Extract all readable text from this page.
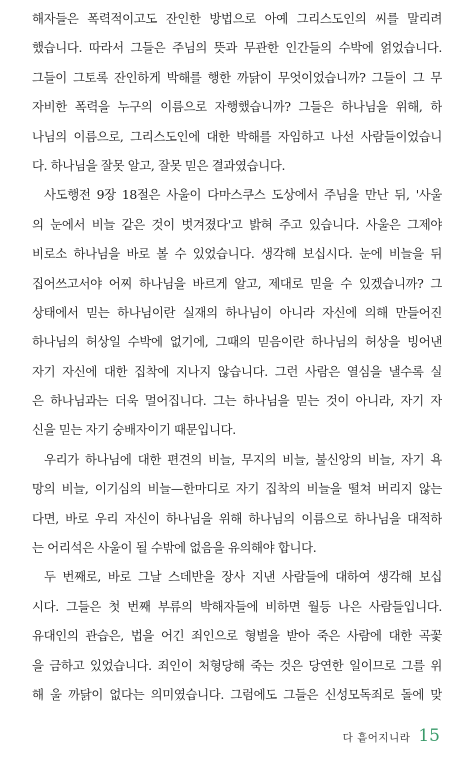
해자들은 폭력적이고도 잔인한 방법으로 아예 그리스도인의 씨를 말리려
했습니다. 따라서 그들은 주님의 뜻과 무관한 인간들의 수박에 얽었습니다.
그들이 그토록 잔인하게 박해를 행한 까닭이 무엇이었습니까? 그들이 그 무
자비한 폭력을 누구의 이름으로 자행했습니까? 그들은 하나님을 위해, 하
나님의 이름으로, 그리스도인에 대한 박해를 자임하고 나선 사람들이었습니
다. 하나님을 잘못 알고, 잘못 믿은 결과였습니다.
사도행전 9장 18절은 사울이 다마스쿠스 도상에서 주님을 만난 뒤, '사울
의 눈에서 비늘 같은 것이 벗겨졌다'고 밝혀 주고 있습니다. 사울은 그제야
비로소 하나님을 바로 볼 수 있었습니다. 생각해 보십시다. 눈에 비늘을 뒤
집어쓰고서야 어찌 하나님을 바르게 알고, 제대로 믿을 수 있겠습니까? 그
상태에서 믿는 하나님이란 실재의 하나님이 아니라 자신에 의해 만들어진
하나님의 허상일 수박에 없기에, 그때의 믿음이란 하나님의 허상을 빙어낸
자기 자신에 대한 집착에 지나지 않습니다. 그런 사람은 열심을 낼수록 실
은 하나님과는 더욱 멀어집니다. 그는 하나님을 믿는 것이 아니라, 자기 자
신을 믿는 자기 숭배자이기 때문입니다.
우리가 하나님에 대한 편견의 비늘, 무지의 비늘, 불신앙의 비늘, 자기 욕
망의 비늘, 이기심의 비늘—한마디로 자기 집착의 비늘을 떨쳐 버리지 않는
다면, 바로 우리 자신이 하나님을 위해 하나님의 이름으로 하나님을 대적하
는 어리석은 사울이 될 수밖에 없음을 유의해야 합니다.
두 번째로, 바로 그날 스데반을 장사 지낸 사람들에 대하여 생각해 보십
시다. 그들은 첫 번째 부류의 박해자들에 비하면 월등 나은 사람들입니다.
유대인의 관습은, 법을 어긴 죄인으로 형벌을 받아 죽은 사람에 대한 곡꽃
을 금하고 있었습니다. 죄인이 처형당해 죽는 것은 당연한 일이므로 그를 위
해 울 까닭이 없다는 의미였습니다. 그럼에도 그들은 신성모독죄로 돌에 맞
다 흩어지니라 15
